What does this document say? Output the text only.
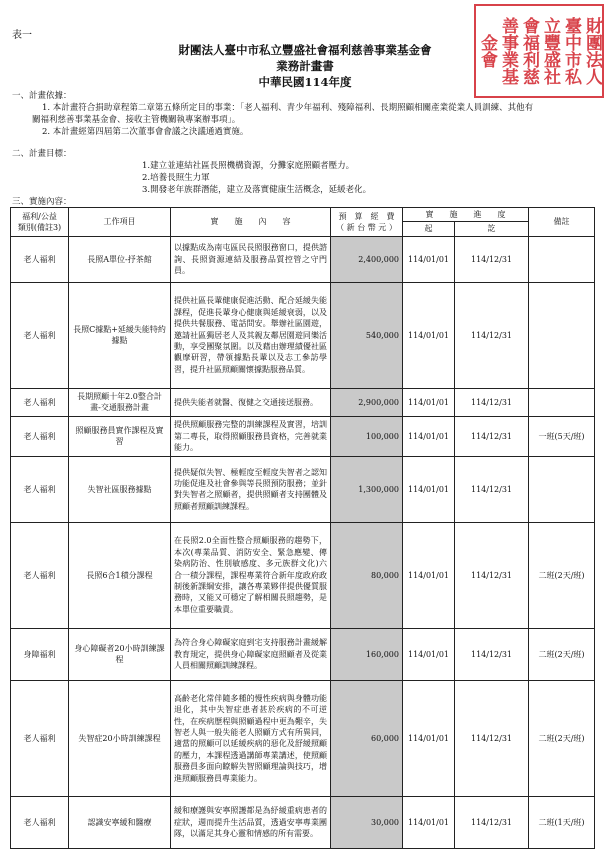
表一	財團法人
臺中市私
立豐盛社
會福利慈
善事業基
金會
財團法人臺中市私立豐盛社會福利慈善事業基金會
業務計畫書
中華民國114年度
一、計畫依據：
1. 本計畫符合捐助章程第二章第五條所定目的事業：「老人福利、青少年福利、殘障福利、長期照顧相關產業從業人員訓練、其他有
關福利慈善事業基金會、接收主管機關執專案辦事項」。
2. 本計畫經第四屆第二次董事會會議之決議通過實施。
二、計畫目標：
1.建立並連結社區長照機構資源，分攤家庭照顧者壓力。
2.培養長照生力軍
3.開發老年族群潛能，建立及落實健康生活概念，延緩老化。
三、實施內容：
福利/公益
類別(備註3)	工作項目	實　　施　　內　　容	預　算　經　費
（ 新 台 幣 元 ）	實　　施　　進　　度		備註
				起	訖	
老人福利	長照A單位-抒茶館	以據點成為南屯區民長照服務窗口，提供諮詢、長照資源連結及服務品質控管之守門員。	2,400,000	114/01/01	114/12/31	
老人福利	長照C據點+延緩失能特約據點	提供社區長輩健康促進活動、配合延緩失能課程，促進長輩身心健康與延緩衰弱，以及提供共餐服務、電話問安。舉辦社區園遊，邀請社區獨居老人及其親友鄰居園遊同樂活動，享受團聚氛圍。以及藉由辦理績優社區觀摩研習，帶領據點長輩以及志工參訪學習，提升社區照顧關懷據點服務品質。	540,000	114/01/01	114/12/31	
老人福利	長期照顧十年2.0整合計畫-交通服務計畫	提供失能者就醫、復健之交通接送服務。	2,900,000	114/01/01	114/12/31	
老人福利	照顧服務員實作課程及實習	提供照顧服務完整的訓練課程及實習，培訓第二專長，取得照顧服務員資格，完善就業能力。	100,000	114/01/01	114/12/31	一班(5天/班)
老人福利	失智社區服務據點	提供疑似失智、極輕度至輕度失智者之認知功能促進及社會參與等長照預防服務；並針對失智者之照顧者，提供照顧者支持團體及照顧者照顧訓練課程。	1,300,000	114/01/01	114/12/31	
老人福利	長照6合1積分課程	在長照2.0全面性整合照顧服務的趨勢下，本次(專業品質、消防安全、緊急應變、傳染病防治、性別敏感度、多元族群文化)六合一積分課程，課程專業符合新年度政府政制後新課綱安排，讓各專業夥伴提供優質服務時，又能又可穩定了解相關長照趨勢，是本單位重要職責。	80,000	114/01/01	114/12/31	二班(2天/班)
身障福利	身心障礙者20小時訓練課程	為符合身心障礙家庭到宅支持服務計畫緩解教育規定，提供身心障礙家庭照顧者及從業人員相關照顧訓練課程。	160,000	114/01/01	114/12/31	二班(2天/班)
老人福利	失智症20小時訓練課程	高齡老化常伴隨多種的慢性疾病與身體功能退化，其中失智症患者甚於疾病的不可逆性，在疾病歷程與照顧過程中更為艱辛，失智老人與一般失能老人照顧方式有所異同，適當的照顧可以延緩疾病的惡化及舒緩照顧的壓力，本課程透過講師專業講述，使照顧服務員多面向瞭解失智照顧理論與技巧，增進照顧服務員專業能力。	60,000	114/01/01	114/12/31	二班(2天/班)
老人福利	認識安寧緩和醫療	緩和療護與安寧照護都是為紓緩重病患者的症狀，週而提升生活品質，透過安寧專業團隊，以滿足其身心靈和情感的所有需要。	30,000	114/01/01	114/12/31	二班(1天/班)
